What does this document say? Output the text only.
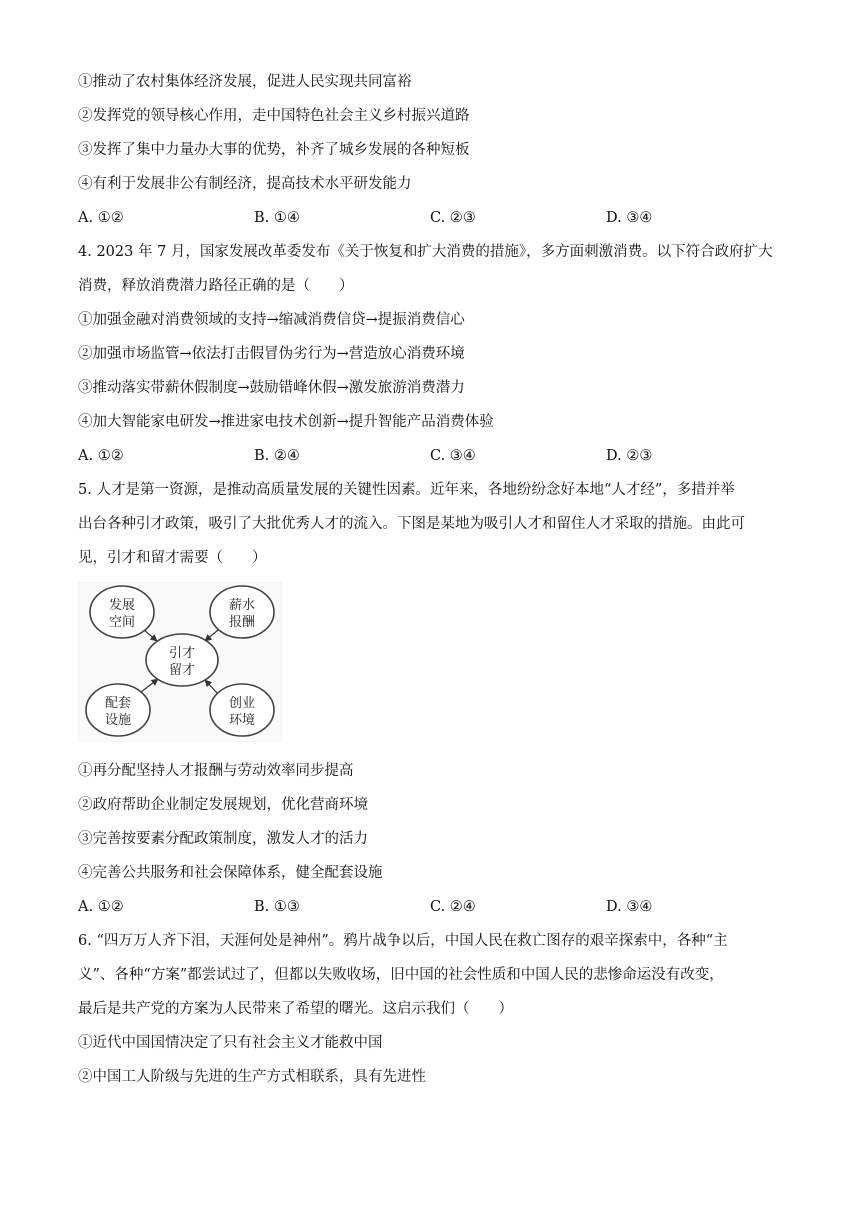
①推动了农村集体经济发展，促进人民实现共同富裕
②发挥党的领导核心作用，走中国特色社会主义乡村振兴道路
③发挥了集中力量办大事的优势，补齐了城乡发展的各种短板
④有利于发展非公有制经济，提高技术水平研发能力
A. ①②	B. ①④	C. ②③	D. ③④
4. 2023 年 7 月，国家发展改革委发布《关于恢复和扩大消费的措施》，多方面刺激消费。以下符合政府扩大
消费，释放消费潜力路径正确的是（　　）
①加强金融对消费领域的支持→缩减消费信贷→提振消费信心
②加强市场监管→依法打击假冒伪劣行为→营造放心消费环境
③推动落实带薪休假制度→鼓励错峰休假→激发旅游消费潜力
④加大智能家电研发→推进家电技术创新→提升智能产品消费体验
A. ①②	B. ②④	C. ③④	D. ②③
5. 人才是第一资源，是推动高质量发展的关键性因素。近年来，各地纷纷念好本地“人才经”，多措并举
出台各种引才政策，吸引了大批优秀人才的流入。下图是某地为吸引人才和留住人才采取的措施。由此可
见，引才和留才需要（　　）
发展
空间
薪水
报酬
引才
留才
配套
设施
创业
环境
①再分配坚持人才报酬与劳动效率同步提高
②政府帮助企业制定发展规划，优化营商环境
③完善按要素分配政策制度，激发人才的活力
④完善公共服务和社会保障体系，健全配套设施
A. ①②	B. ①③	C. ②④	D. ③④
6. “四万万人齐下泪，天涯何处是神州”。鸦片战争以后，中国人民在救亡图存的艰辛探索中，各种“主
义”、各种“方案”都尝试过了，但都以失败收场，旧中国的社会性质和中国人民的悲惨命运没有改变，
最后是共产党的方案为人民带来了希望的曙光。这启示我们（　　）
①近代中国国情决定了只有社会主义才能救中国
②中国工人阶级与先进的生产方式相联系，具有先进性
